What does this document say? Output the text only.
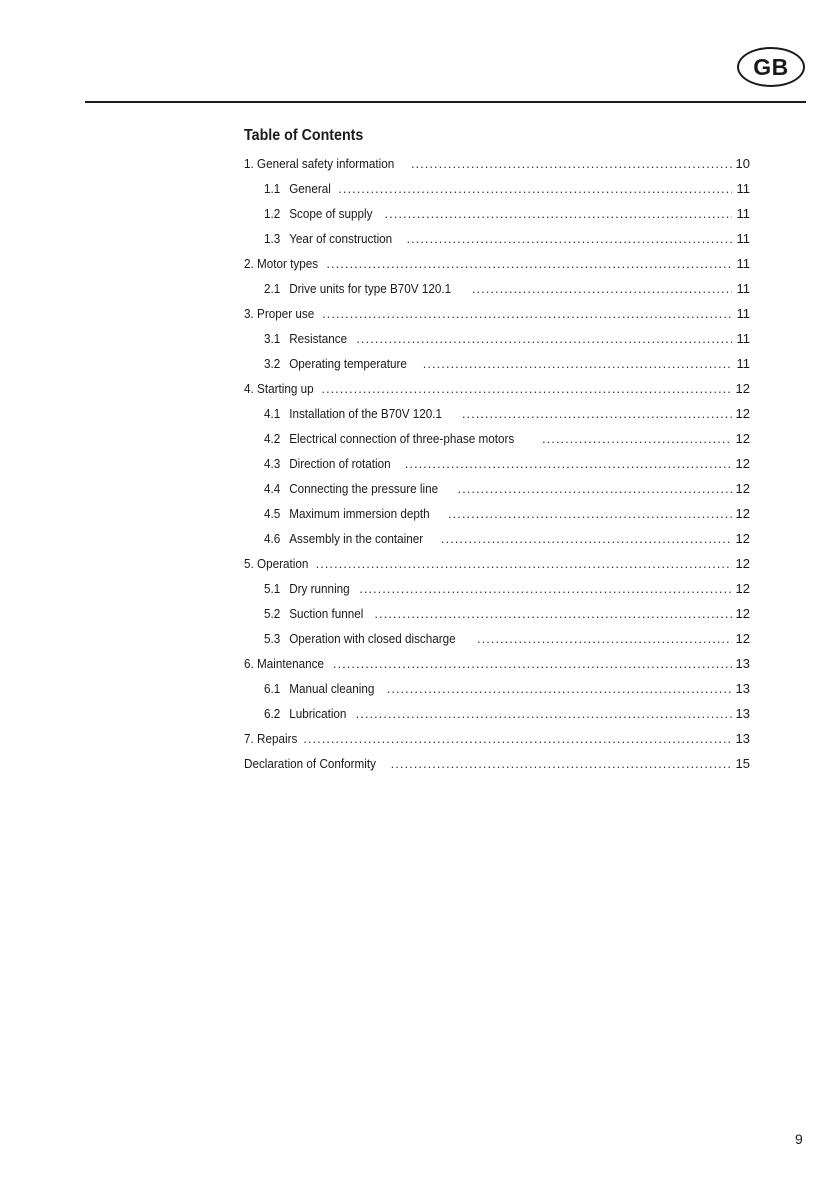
GB
Table of Contents
1. General safety information .....	10
1.1 General .....	11
1.2 Scope of supply .....	11
1.3 Year of construction .....	11
2. Motor types .....	11
2.1 Drive units for type B70V 120.1 .....	11
3. Proper use .....	11
3.1 Resistance .....	11
3.2 Operating temperature .....	11
4. Starting up .....	12
4.1 Installation of the B70V 120.1 .....	12
4.2 Electrical connection of three-phase motors .....	12
4.3 Direction of rotation .....	12
4.4 Connecting the pressure line .....	12
4.5 Maximum immersion depth .....	12
4.6 Assembly in the container .....	12
5. Operation .....	12
5.1 Dry running .....	12
5.2 Suction funnel .....	12
5.3 Operation with closed discharge .....	12
6. Maintenance .....	13
6.1 Manual cleaning .....	13
6.2 Lubrication .....	13
7. Repairs .....	13
Declaration of Conformity .....	15
9
